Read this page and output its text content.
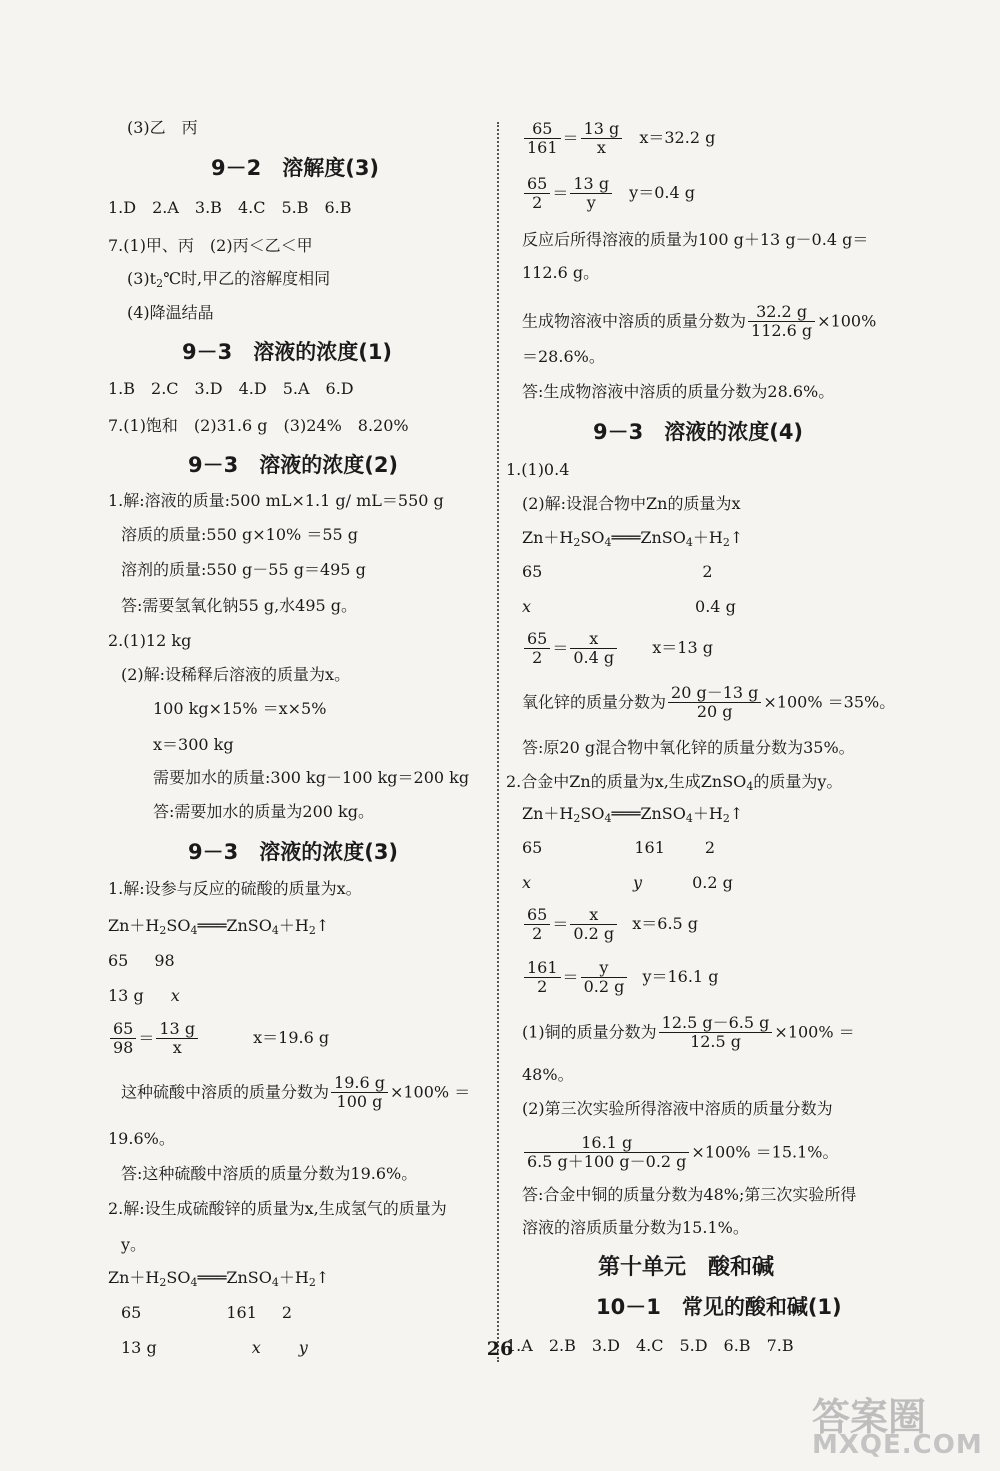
(3)乙　丙
9－2　溶解度(3)
1.D　2.A　3.B　4.C　5.B　6.B
7.(1)甲、丙　(2)丙＜乙＜甲
$(3)t_2℃$时,甲乙的溶解度相同
(4)降温结晶
9－3　溶液的浓度(1)
1.B　2.C　3.D　4.D　5.A　6.D
7.(1)饱和　(2)31.6 g　(3)24%　8.20%
9－3　溶液的浓度(2)
1.解:溶液的质量:500 mL×1.1 g/ mL＝550 g
溶质的质量:550 g×10% ＝55 g
溶剂的质量:550 g－55 g＝495 g
答:需要氢氧化钠55 g,水495 g。
2.(1)12 kg
(2)解:设稀释后溶液的质量为x。
100 kg×15% ＝x×5%
x＝300 kg
需要加水的质量:300 kg－100 kg＝200 kg
答:需要加水的质量为200 kg。
9－3　溶液的浓度(3)
1.解:设参与反应的硫酸的质量为x。
$Zn+H_2SO_4═══ZnSO_4+H_2↑$
65 98
13 g x
$\frac{65}{98} = \frac{13 g}{x}$	x＝19.6 g
这种硫酸中溶质的质量分数为 $\frac{19.6 g}{100 g} \times 100\%$ ＝
19.6%。
答:这种硫酸中溶质的质量分数为19.6%。
2.解:设生成硫酸锌的质量为x,生成氢气的质量为
y。
$Zn+H_2SO_4═══ZnSO_4+H_2↑$
65	161 2
13 g	x y
$\frac{65}{161} = \frac{13 g}{x} x=32.2$ g
$\frac{65}{2} = \frac{13 g}{y} y=0.4$ g
反应后所得溶液的质量为100 g＋13 g－0.4 g＝
112.6 g。
生成物溶液中溶质的质量分数为 $\frac{32.2 g}{112.6 g} \times 100\%$
＝28.6%。
答:生成物溶液中溶质的质量分数为28.6%。
9－3　溶液的浓度(4)
1.(1)0.4
(2)解:设混合物中Zn的质量为x
$Zn+H_2SO_4═══ZnSO_4+H_2↑$
65	2
x	0.4 g
$\frac{65}{2} = \frac{x}{0.4 g} x=13$ g
氧化锌的质量分数为 $\frac{20 g-13 g}{20 g} \times 100\% =35\%$。
答:原20 g混合物中氧化锌的质量分数为35%。
2.合金中Zn的质量为x,生成ZnSO$_4$的质量为y。
$Zn+H_2SO_4═══ZnSO_4+H_2↑$
65	161	2
x	y	0.2 g
$\frac{65}{2} = \frac{x}{0.2 g} x=6.5$ g
$\frac{161}{2} = \frac{y}{0.2 g} y=16.1$ g
(1)铜的质量分数为 $\frac{12.5 g-6.5 g}{12.5 g} \times 100\%$ ＝
48%。
(2)第三次实验所得溶液中溶质的质量分数为
$\frac{16.1 g}{6.5 g+100 g-0.2 g} \times 100\% =15.1\%$。
答:合金中铜的质量分数为48%;第三次实验所得
溶液的溶质质量分数为15.1%。
第十单元　酸和碱
10－1　常见的酸和碱(1)
1.A　2.B　3.D　4.C　5.D　6.B　7.B
26
答案圈
MXQE.COM
